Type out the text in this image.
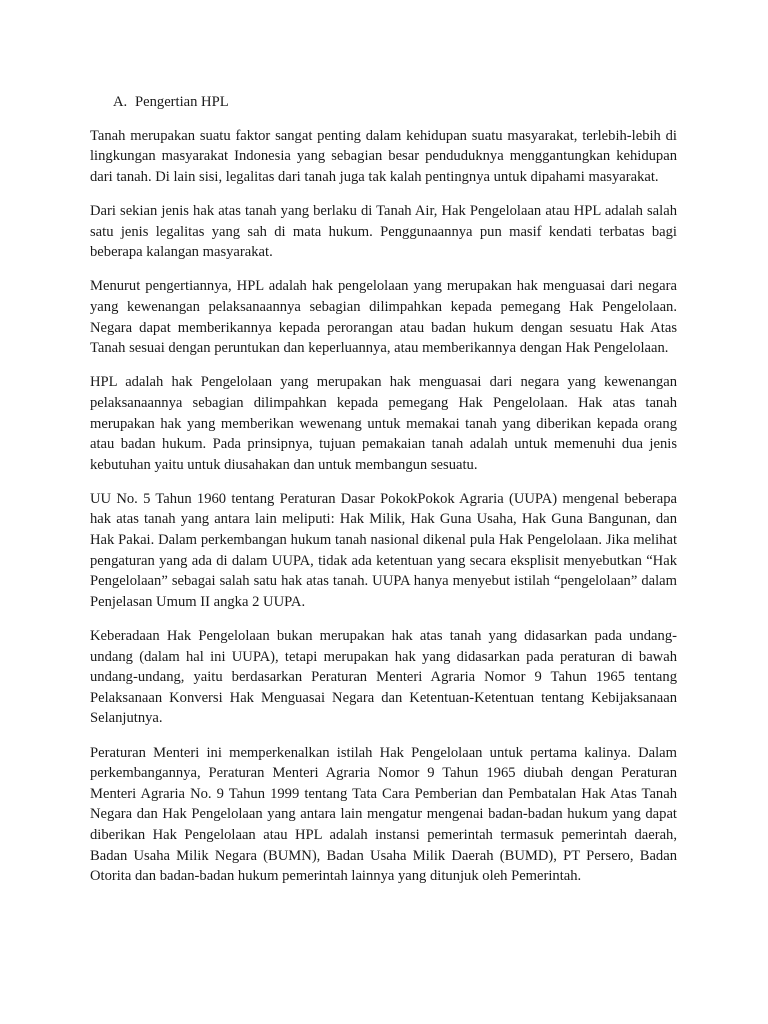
A. Pengertian HPL

Tanah merupakan suatu faktor sangat penting dalam kehidupan suatu masyarakat, terlebih-lebih di lingkungan masyarakat Indonesia yang sebagian besar penduduknya menggantungkan kehidupan dari tanah. Di lain sisi, legalitas dari tanah juga tak kalah pentingnya untuk dipahami masyarakat.

Dari sekian jenis hak atas tanah yang berlaku di Tanah Air, Hak Pengelolaan atau HPL adalah salah satu jenis legalitas yang sah di mata hukum. Penggunaannya pun masif kendati terbatas bagi beberapa kalangan masyarakat.

Menurut pengertiannya, HPL adalah hak pengelolaan yang merupakan hak menguasai dari negara yang kewenangan pelaksanaannya sebagian dilimpahkan kepada pemegang Hak Pengelolaan. Negara dapat memberikannya kepada perorangan atau badan hukum dengan sesuatu Hak Atas Tanah sesuai dengan peruntukan dan keperluannya, atau memberikannya dengan Hak Pengelolaan.

HPL adalah hak Pengelolaan yang merupakan hak menguasai dari negara yang kewenangan pelaksanaannya sebagian dilimpahkan kepada pemegang Hak Pengelolaan. Hak atas tanah merupakan hak yang memberikan wewenang untuk memakai tanah yang diberikan kepada orang atau badan hukum. Pada prinsipnya, tujuan pemakaian tanah adalah untuk memenuhi dua jenis kebutuhan yaitu untuk diusahakan dan untuk membangun sesuatu.

UU No. 5 Tahun 1960 tentang Peraturan Dasar PokokPokok Agraria (UUPA) mengenal beberapa hak atas tanah yang antara lain meliputi: Hak Milik, Hak Guna Usaha, Hak Guna Bangunan, dan Hak Pakai. Dalam perkembangan hukum tanah nasional dikenal pula Hak Pengelolaan. Jika melihat pengaturan yang ada di dalam UUPA, tidak ada ketentuan yang secara eksplisit menyebutkan “Hak Pengelolaan” sebagai salah satu hak atas tanah. UUPA hanya menyebut istilah “pengelolaan” dalam Penjelasan Umum II angka 2 UUPA.

Keberadaan Hak Pengelolaan bukan merupakan hak atas tanah yang didasarkan pada undang-undang (dalam hal ini UUPA), tetapi merupakan hak yang didasarkan pada peraturan di bawah undang-undang, yaitu berdasarkan Peraturan Menteri Agraria Nomor 9 Tahun 1965 tentang Pelaksanaan Konversi Hak Menguasai Negara dan Ketentuan-Ketentuan tentang Kebijaksanaan Selanjutnya.

Peraturan Menteri ini memperkenalkan istilah Hak Pengelolaan untuk pertama kalinya. Dalam perkembangannya, Peraturan Menteri Agraria Nomor 9 Tahun 1965 diubah dengan Peraturan Menteri Agraria No. 9 Tahun 1999 tentang Tata Cara Pemberian dan Pembatalan Hak Atas Tanah Negara dan Hak Pengelolaan yang antara lain mengatur mengenai badan-badan hukum yang dapat diberikan Hak Pengelolaan atau HPL adalah instansi pemerintah termasuk pemerintah daerah, Badan Usaha Milik Negara (BUMN), Badan Usaha Milik Daerah (BUMD), PT Persero, Badan Otorita dan badan-badan hukum pemerintah lainnya yang ditunjuk oleh Pemerintah.
